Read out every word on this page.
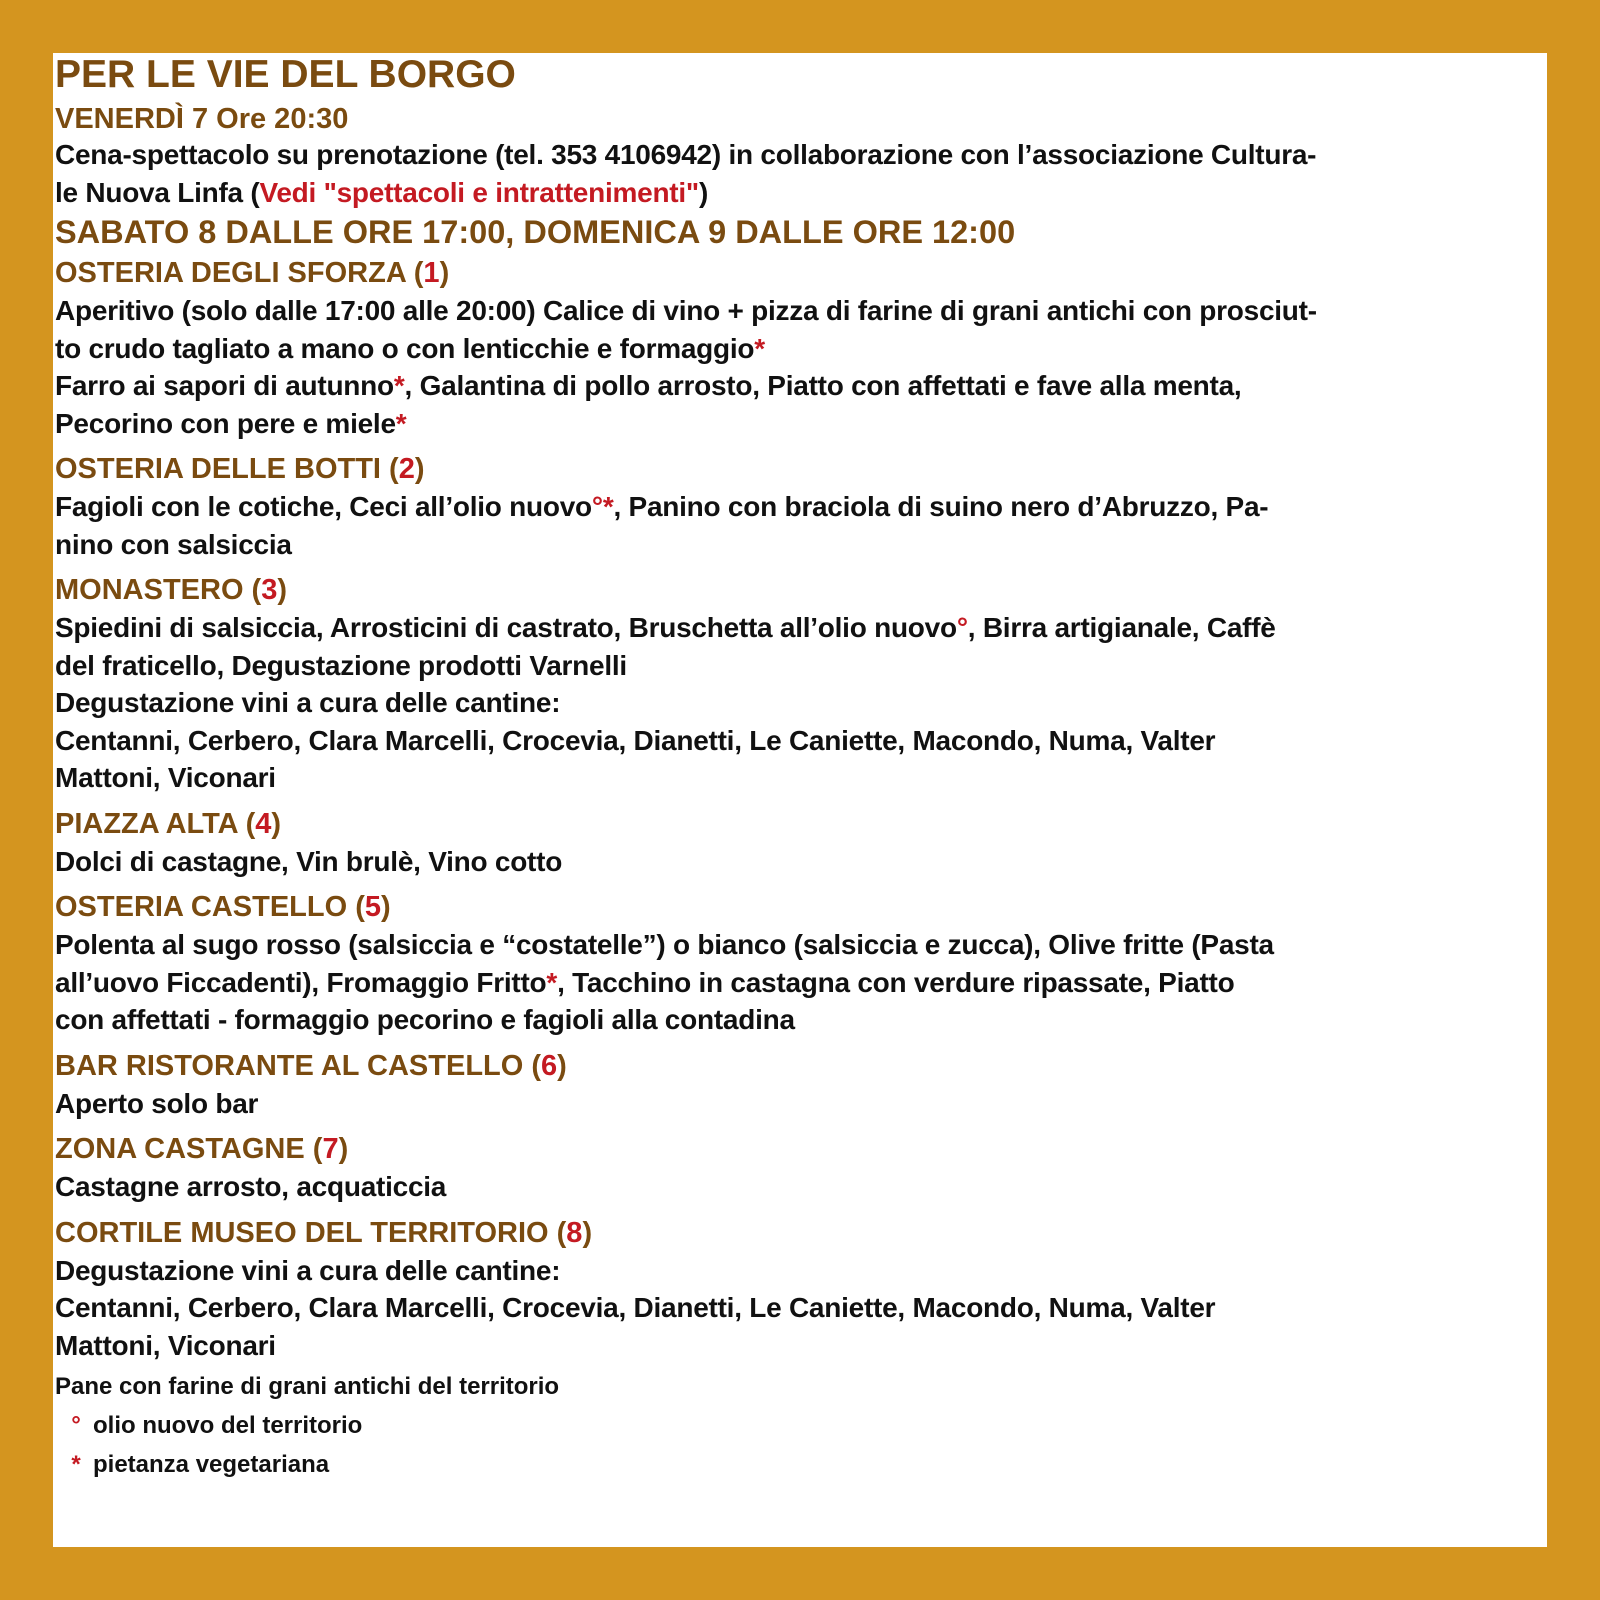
PER LE VIE DEL BORGO
VENERDÌ 7 Ore 20:30
Cena-spettacolo su prenotazione (tel. 353 4106942) in collaborazione con l’associazione Cultura-
le Nuova Linfa (Vedi "spettacoli e intrattenimenti")
SABATO 8 DALLE ORE 17:00, DOMENICA 9 DALLE ORE 12:00
OSTERIA DEGLI SFORZA (1)
Aperitivo (solo dalle 17:00 alle 20:00) Calice di vino + pizza di farine di grani antichi con prosciut-
to crudo tagliato a mano o con lenticchie e formaggio*
Farro ai sapori di autunno*, Galantina di pollo arrosto, Piatto con affettati e fave alla menta,
Pecorino con pere e miele*
OSTERIA DELLE BOTTI (2)
Fagioli con le cotiche, Ceci all’olio nuovo°*, Panino con braciola di suino nero d’Abruzzo, Pa-
nino con salsiccia
MONASTERO (3)
Spiedini di salsiccia, Arrosticini di castrato, Bruschetta all’olio nuovo°, Birra artigianale, Caffè
del fraticello, Degustazione prodotti Varnelli
Degustazione vini a cura delle cantine:
Centanni, Cerbero, Clara Marcelli, Crocevia, Dianetti, Le Caniette, Macondo, Numa, Valter
Mattoni, Viconari
PIAZZA ALTA (4)
Dolci di castagne, Vin brulè, Vino cotto
OSTERIA CASTELLO (5)
Polenta al sugo rosso (salsiccia e “costatelle”) o bianco (salsiccia e zucca), Olive fritte (Pasta
all’uovo Ficcadenti), Fromaggio Fritto*, Tacchino in castagna con verdure ripassate, Piatto
con affettati - formaggio pecorino e fagioli alla contadina
BAR RISTORANTE AL CASTELLO (6)
Aperto solo bar
ZONA CASTAGNE (7)
Castagne arrosto, acquaticcia
CORTILE MUSEO DEL TERRITORIO (8)
Degustazione vini a cura delle cantine:
Centanni, Cerbero, Clara Marcelli, Crocevia, Dianetti, Le Caniette, Macondo, Numa, Valter
Mattoni, Viconari
Pane con farine di grani antichi del territorio
° olio nuovo del territorio
* pietanza vegetariana
